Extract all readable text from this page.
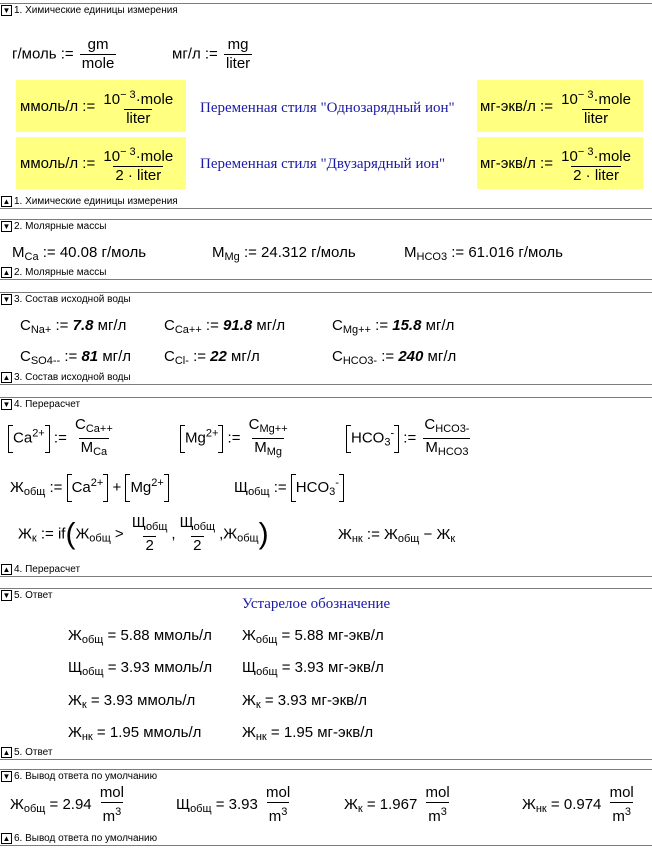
▼ 1. Химические единицы измерения
г/моль := $\frac{gm}{\text{mole}}$	мг/л := $\frac{mg}{\text{liter}}$
ммоль/л := $\frac{10^{- 3}\cdot mole}{\text{liter}}$ Переменная стиля "Однозарядный ион" мг-экв/л := $\frac{10^{- 3}\cdot mole}{\text{liter}}$
ммоль/л := $\frac{10^{- 3}\cdot mole}{\text{2 · liter}}$ Переменная стиля "Двузарядный ион" мг-экв/л := $\frac{10^{- 3}\cdot mole}{\text{2 · liter}}$
▲ 1. Химические единицы измерения
▼ 2. Молярные массы
$M_{Ca}$ := 40.08 г/моль	$M_{Mg}$ := 24.312 г/моль	$M_{HCO3}$ := 61.016 г/моль
▲ 2. Молярные массы
▼ 3. Состав исходной воды
$C_{Na+}$ := 7.8 мг/л	$C_{Ca++}$ := 91.8 мг/л	$C_{Mg++}$ := 15.8 мг/л
$C_{SO4--}$ := 81 мг/л $C_{Cl-}$ := 22 мг/л	$C_{HCO3-}$ := 240 мг/л
▲ 3. Состав исходной воды
▼ 4. Перерасчет
$Ca^{2+}$ := $\frac{C_{Ca++}}{M_{Ca}}$	$Mg^{2+}$ := $\frac{C_{Mg++}}{M_{Mg}}$	$HCO_3^-$ := $\frac{C_{HCO3-}}{M_{HCO3}}$
$Ж_{общ}$ := $Ca^{2+} + Mg^{2+}$	$Щ_{общ}$ := $HCO_3^-$
$Ж_к$ := $if(Ж_{общ} > \frac{Щ_{общ}}{2}$ , $\frac{Щ_{общ}}{2} ,Ж_{общ}$)	$Ж_{нк}$ := $Ж_{общ} - Ж_к$
▲ 4. Перерасчет
▼ 5. Ответ
Устарелое обозначение
$Ж_{общ} = 5.88$ ммоль/л $Ж_{общ} = 5.88$ мг-экв/л
$Щ_{общ} = 3.93$ ммоль/л $Щ_{общ} = 3.93$ мг-экв/л
$Ж_к = 3.93$ ммоль/л	$Ж_к = 3.93$ мг-экв/л
$Ж_{нк} = 1.95$ ммоль/л	$Ж_{нк} = 1.95$ мг-экв/л
▲ 5. Ответ
▼ 6. Вывод ответа по умолчанию
$Ж_{общ} = 2.94 \frac{\text{mol}}{m^3}$	$Щ_{общ} = 3.93 \frac{\text{mol}}{m^3}$	$Ж_к = 1.967 \frac{\text{mol}}{m^3}$	$Ж_{нк} = 0.974 \frac{\text{mol}}{m^3}$
▲ 6. Вывод ответа по умолчанию
